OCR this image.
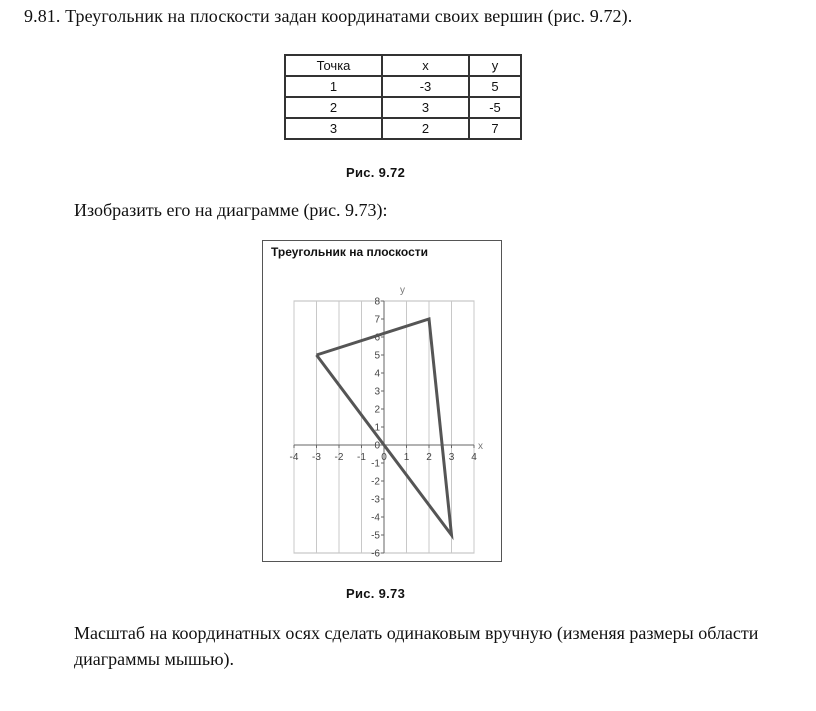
9.81. Треугольник на плоскости задан координатами своих вершин (рис. 9.72).
Точка	x	y
1	-3	5
2	3	-5
3	2	7
Рис. 9.72
Изобразить его на диаграмме (рис. 9.73):
-4 -3 -2 -1 0 1 2 3 4
-6
-5
-4
-3
-2
-1
0
1
2
3
4
5
6
7
8
x
y
Треугольник на плоскости
Рис. 9.73
Масштаб на координатных осях сделать одинаковым вручную (изменяя размеры области диаграммы мышью).
